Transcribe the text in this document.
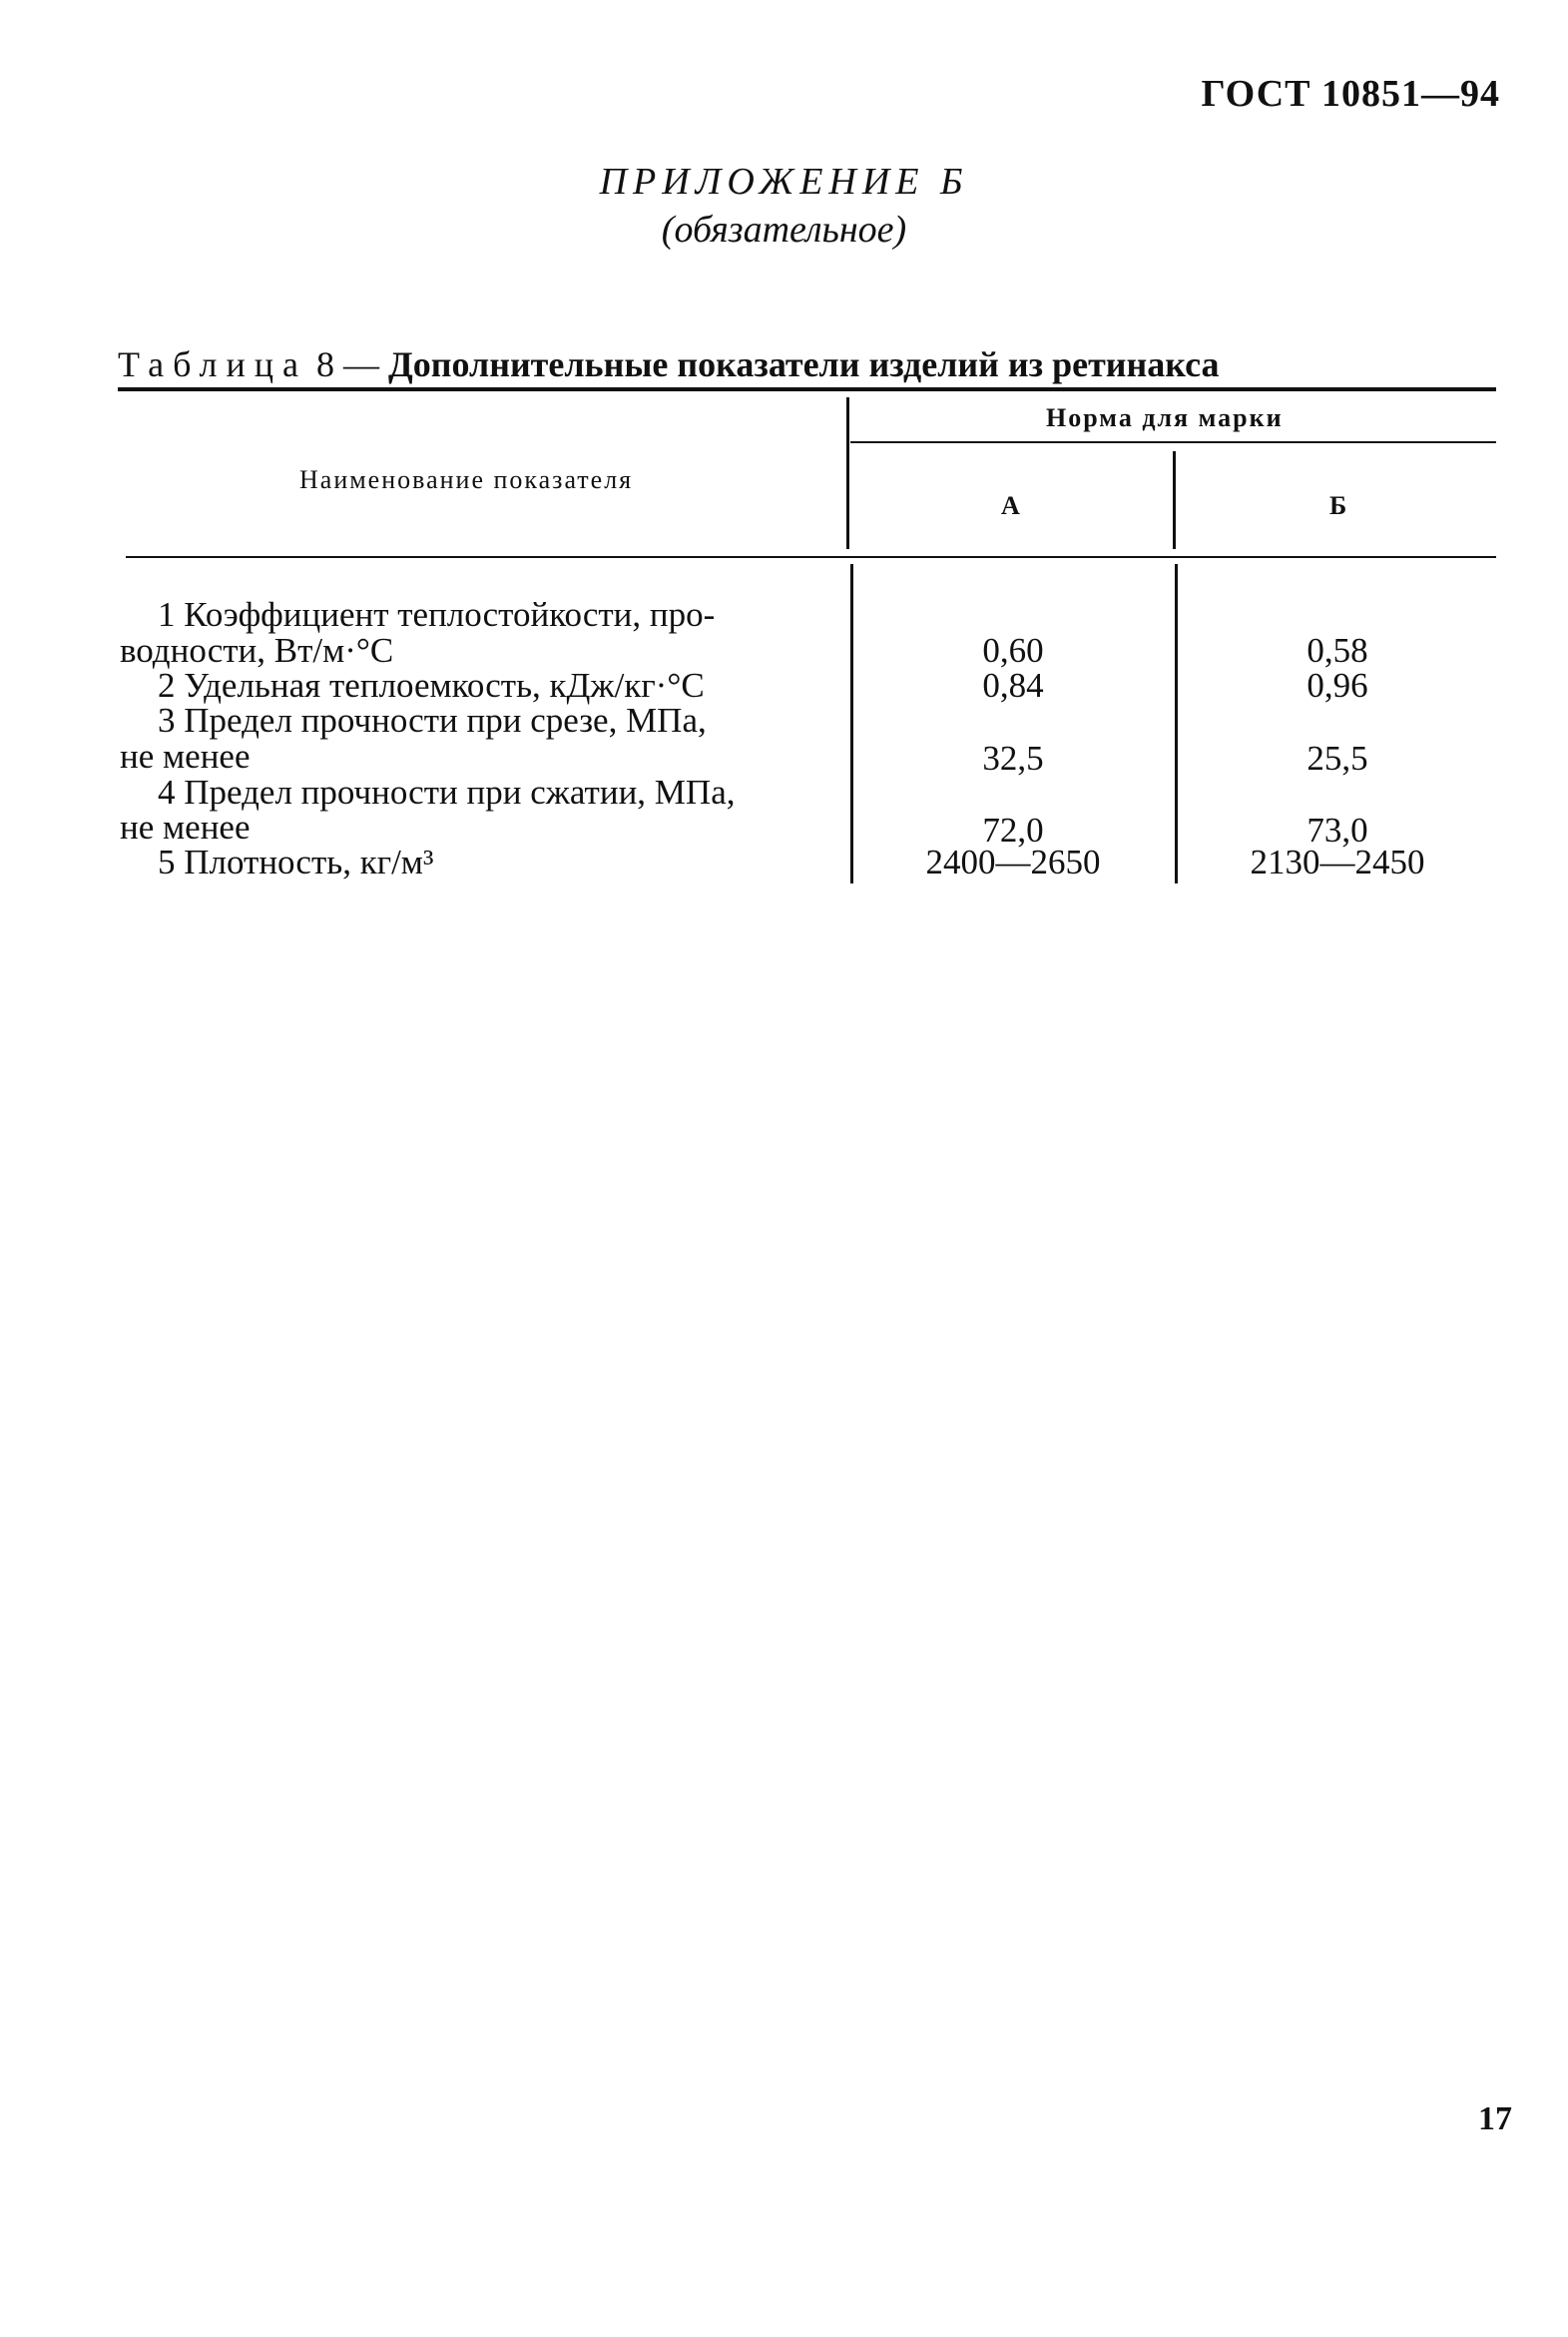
ГОСТ 10851—94
ПРИЛОЖЕНИЕ Б
(обязательное)
Таблица 8 — Дополнительные показатели изделий из ретинакса
Наименование показателя
Норма для марки
А	Б
1 Коэффициент теплостойкости, про-
водности, Вт/м·°С	0,60	0,58
2 Удельная теплоемкость, кДж/кг·°С	0,84	0,96
3 Предел прочности при срезе, МПа,
не менее	32,5	25,5
4 Предел прочности при сжатии, МПа,
не менее	72,0	73,0
5 Плотность, кг/м³	2400—2650	2130—2450
17
